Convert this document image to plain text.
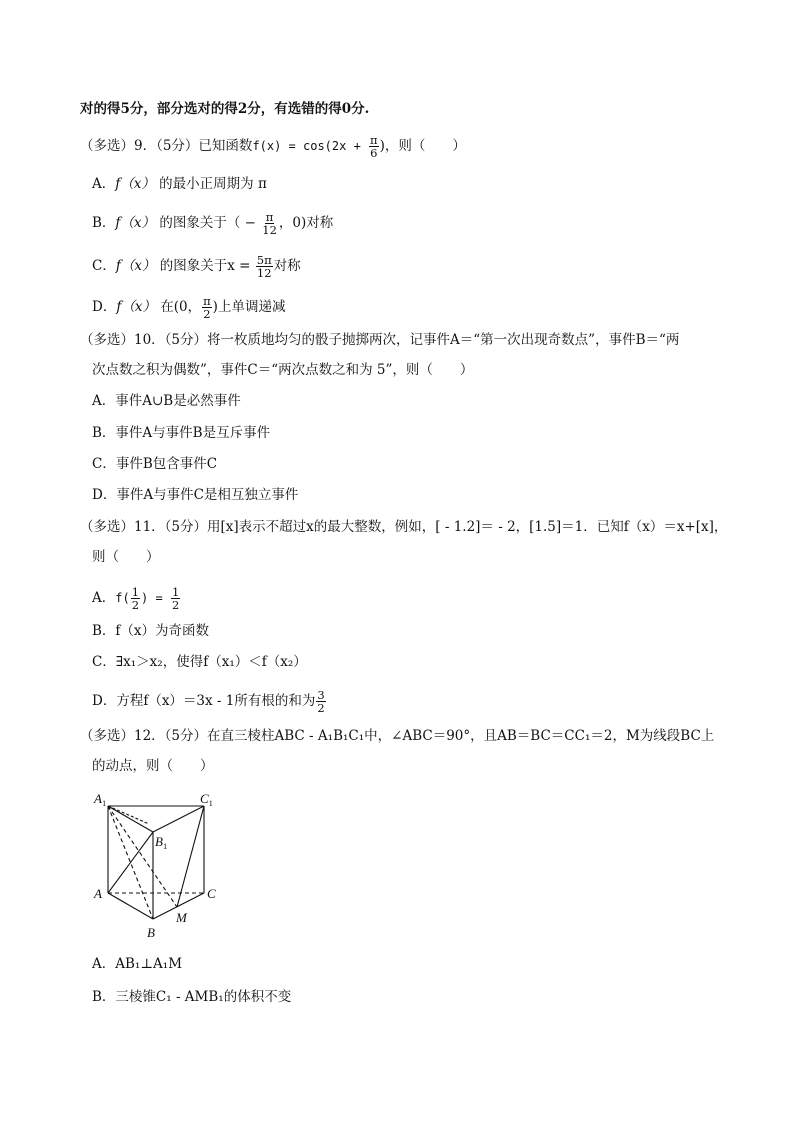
对的得5分，部分选对的得2分，有选错的得0分.
（多选）9．（5分）已知函数$f(x) = \cos(2x + \frac{\pi}{6}$ )，则（　　）
A．f（x） 的最小正周期为 π
B．f（x） 的图象关于（ − $\frac{\pi}{12}$ ，0)对称
C．f（x） 的图象关于$x = \frac{5\pi}{12}$ 对称
D．f（x） 在(0， $\frac{\pi}{2}$ )上单调递减
（多选）10．（5分）将一枚质地均匀的骰子抛掷两次，记事件A＝“第一次出现奇数点”，事件B＝“两
次点数之积为偶数”，事件C＝“两次点数之和为 5”，则（　　）
A．事件A∪B是必然事件
B．事件A与事件B是互斥事件
C．事件B包含事件C
D．事件A与事件C是相互独立事件
（多选）11．（5分）用[x]表示不超过x的最大整数，例如，[ - 1.2]＝ - 2，[1.5]＝1．已知f（x）＝x+[x]，
则（　　）
A．$f( \frac{1}{2}$ ) = $\frac{1}{2}$
B．f（x）为奇函数
C．∃x₁＞x₂，使得f（x₁）＜f（x₂）
D．方程f（x）＝3x - 1所有根的和为 $\frac{3}{2}$
（多选）12．（5分）在直三棱柱ABC - A₁B₁C₁中，∠ABC＝90°，且AB＝BC＝CC₁＝2，M为线段BC上
的动点，则（　　）
$A_1$	$C_1$
$B_1$
A	C
B
M
A．AB₁⊥A₁M
B．三棱锥C₁ - AMB₁的体积不变
